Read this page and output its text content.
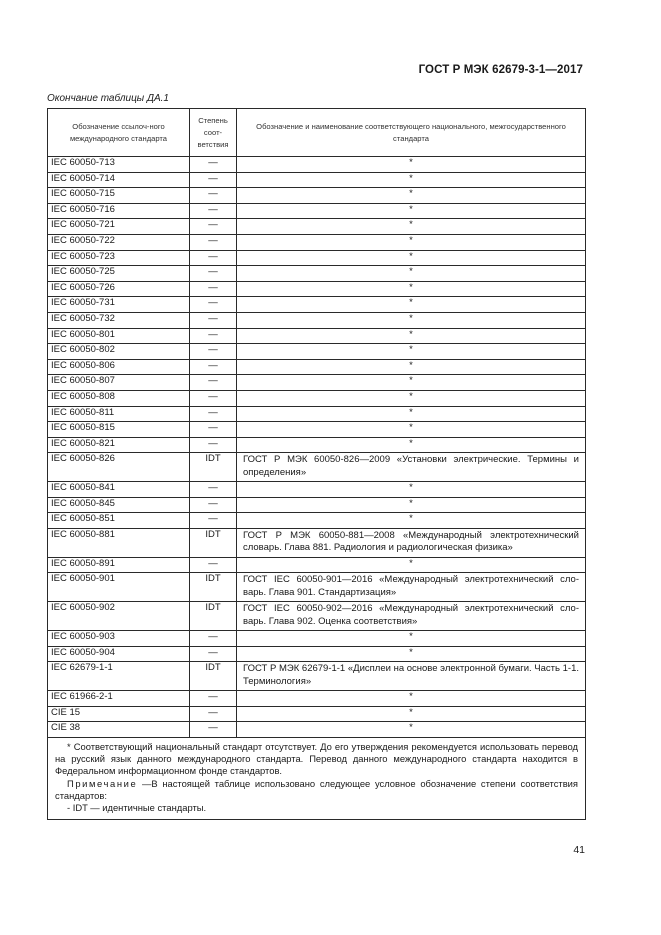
ГОСТ Р МЭК 62679-3-1—2017
Окончание таблицы ДА.1
Обозначение ссылоч-ного международного стандарта	Степень соот-ветствия	Обозначение и наименование соответствующего национального, межгосударственного стандарта
IEC 60050-713	—	*
IEC 60050-714	—	*
IEC 60050-715	—	*
IEC 60050-716	—	*
IEC 60050-721	—	*
IEC 60050-722	—	*
IEC 60050-723	—	*
IEC 60050-725	—	*
IEC 60050-726	—	*
IEC 60050-731	—	*
IEC 60050-732	—	*
IEC 60050-801	—	*
IEC 60050-802	—	*
IEC 60050-806	—	*
IEC 60050-807	—	*
IEC 60050-808	—	*
IEC 60050-811	—	*
IEC 60050-815	—	*
IEC 60050-821	—	*
IEC 60050-826	IDT	ГОСТ Р МЭК 60050-826—2009 «Установки электрические. Термины и определения»
IEC 60050-841	—	*
IEC 60050-845	—	*
IEC 60050-851	—	*
IEC 60050-881	IDT	ГОСТ Р МЭК 60050-881—2008 «Международный электротехнический словарь. Глава 881. Радиология и радиологическая физика»
IEC 60050-891	—	*
IEC 60050-901	IDT	ГОСТ IEC 60050-901—2016 «Международный электротехнический сло-варь. Глава 901. Стандартизация»
IEC 60050-902	IDT	ГОСТ IEC 60050-902—2016 «Международный электротехнический сло-варь. Глава 902. Оценка соответствия»
IEC 60050-903	—	*
IEC 60050-904	—	*
IEC 62679-1-1	IDT	ГОСТ Р МЭК 62679-1-1 «Дисплеи на основе электронной бумаги. Часть 1-1. Терминология»
IEC 61966-2-1	—	*
CIE 15	—	*
CIE 38	—	*

* Соответствующий национальный стандарт отсутствует. До его утверждения рекомендуется использовать перевод на русский язык данного международного стандарта. Перевод данного международного стандарта находится в Федеральном информационном фонде стандартов.

Примечание —В настоящей таблице использовано следующее условное обозначение степени соответствия стандартов:

- IDT — идентичные стандарты.		

41
